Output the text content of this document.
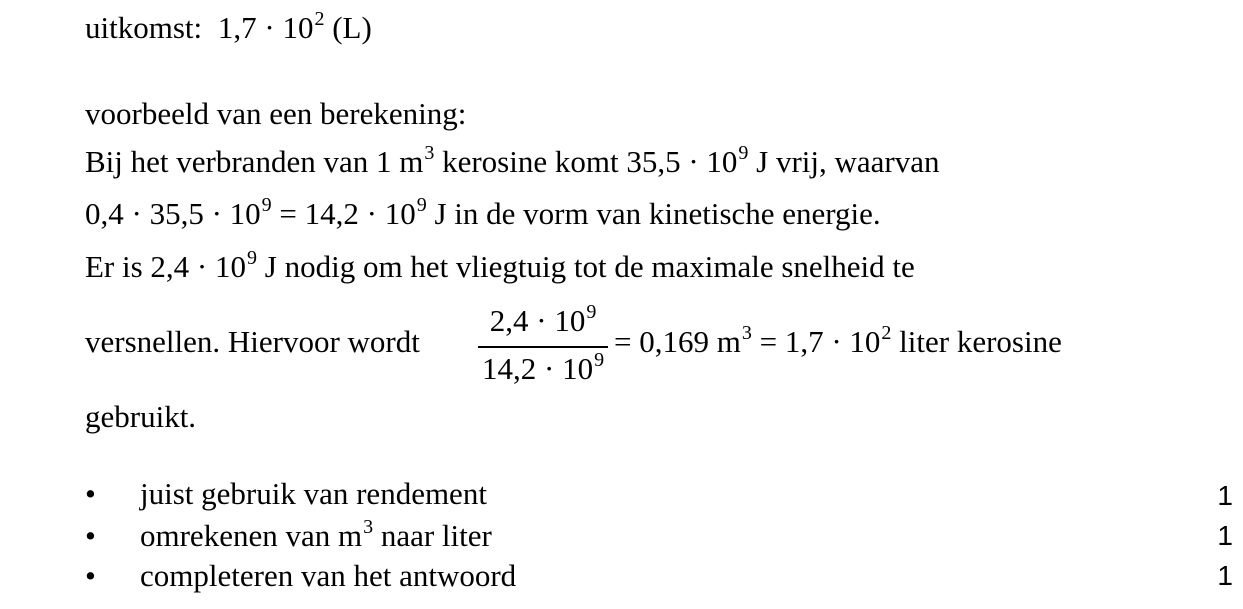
uitkomst: $1,7 \cdot 10^2$ (L)
voorbeeld van een berekening:
Bij het verbranden van 1 $m^3$ kerosine komt $35,5 \cdot 10^9$ J vrij, waarvan
$0,4 \cdot 35,5 \cdot 10^9 = 14,2 \cdot 10^9$ J in de vorm van kinetische energie.
Er is $2,4 \cdot 10^9$ J nodig om het vliegtuig tot de maximale snelheid te
versnellen. Hiervoor wordt
$2,4 \cdot 10^9$
$14,2 \cdot 10^9$
= 0,169 $m^3 = 1,7 \cdot 10^2$ liter kerosine
gebruikt.
• juist gebruik van rendement	1
• omrekenen van $m^3$ naar liter	1
• completeren van het antwoord	1
